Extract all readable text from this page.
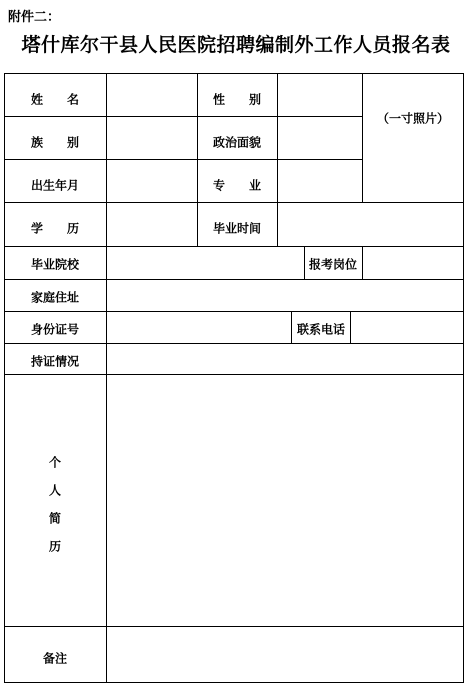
附件二：
塔什库尔干县人民医院招聘编制外工作人员报名表
姓　　名	性　　别
（一寸照片）
族　　别	政治面貌
出生年月	专　　业
学　　历	毕业时间
毕业院校	报考岗位
家庭住址
身份证号	联系电话
持证情况
个
人
简
历
备注
